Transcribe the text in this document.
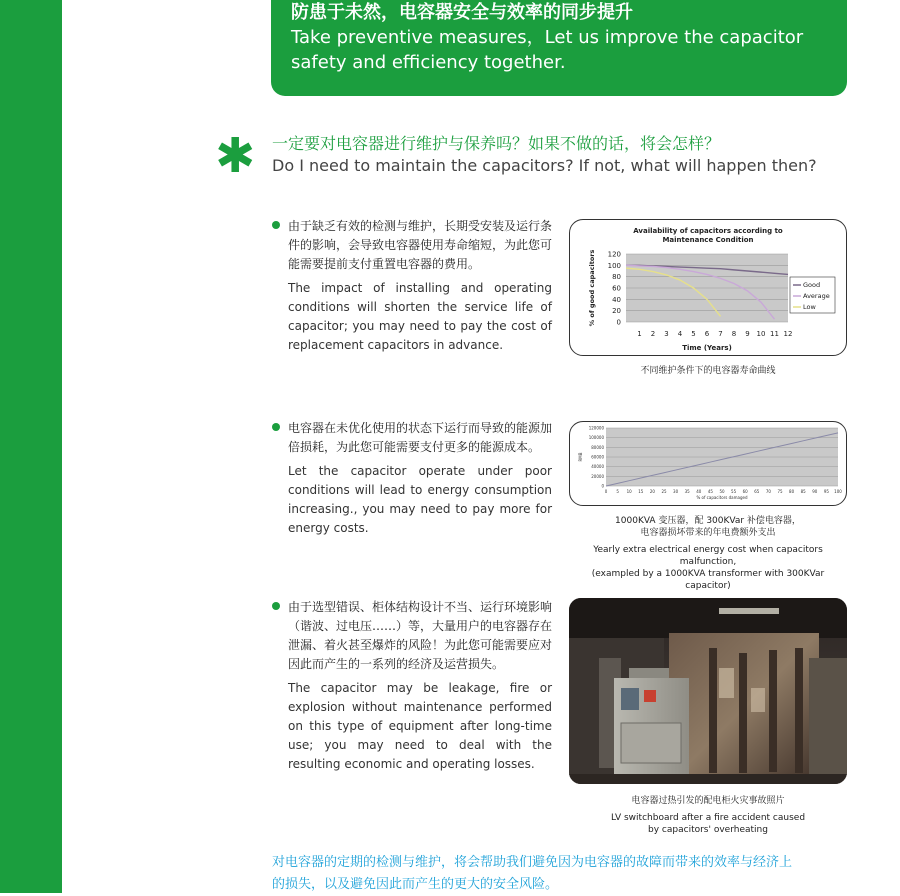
防患于未然，电容器安全与效率的同步提升
Take preventive measures，Let us improve the capacitor
safety and efficiency together.
✱ 一定要对电容器进行维护与保养吗？如果不做的话，将会怎样？
Do I need to maintain the capacitors? If not, what will happen then?
由于缺乏有效的检测与维护，长期受安装及运行条件的影响，会导致电容器使用寿命缩短，为此您可能需要提前支付重置电容器的费用。
The impact of installing and operating conditions will shorten the service life of capacitor; you may need to pay the cost of replacement capacitors in advance.
Availability of capacitors according to
Maintenance Condition
0
20
40
60
80
100
120
1 2 3 4 5 6 7 8 9 10 11 12
Time (Years)
% of good capacitors	Good
Average
Low
不同维护条件下的电容器寿命曲线
电容器在未优化使用的状态下运行而导致的能源加倍损耗，为此您可能需要支付更多的能源成本。
Let the capacitor operate under poor conditions will lead to energy consumption increasing., you may need to pay more for energy costs.
0
20000
40000
60000
80000
100000
120000
0 5 10 15 20 25 30 35 40 45 50 55 60 65 70 75 80 85 90 95 100
% of capacitors damaged
RMB
1000KVA 变压器，配 300KVar 补偿电容器，
电容器损坏带来的年电费额外支出
Yearly extra electrical energy cost when capacitors malfunction,
(exampled by a 1000KVA transformer with 300KVar capacitor)
由于选型错误、柜体结构设计不当、运行环境影响（谐波、过电压……）等，大量用户的电容器存在泄漏、着火甚至爆炸的风险！为此您可能需要应对因此而产生的一系列的经济及运营损失。
The capacitor may be leakage, fire or explosion without maintenance performed on this type of equipment after long-time use; you may need to deal with the resulting economic and operating losses.
电容器过热引发的配电柜火灾事故照片
LV switchboard after a fire accident caused
by capacitors' overheating
对电容器的定期的检测与维护，将会帮助我们避免因为电容器的故障而带来的效率与经济上
的损失，以及避免因此而产生的更大的安全风险。
